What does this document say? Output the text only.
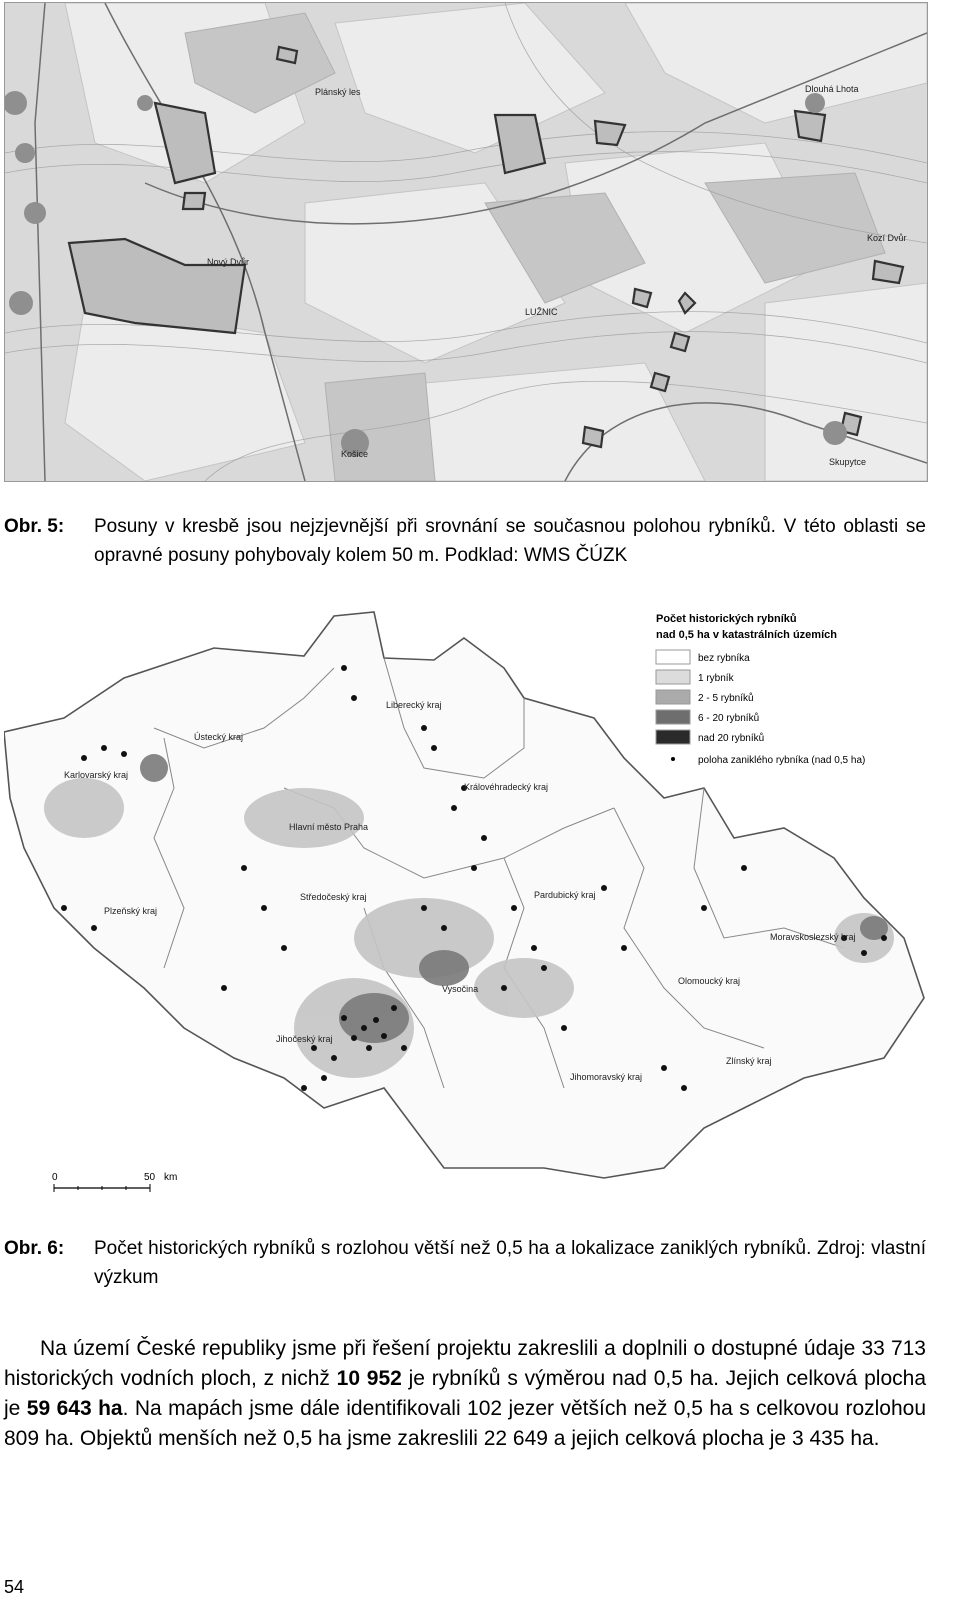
Dlouhá Lhota
Košice
Skupytce
LUŽNIC
Nový Dvůr
Kozí Dvůr
Plánský les
Obr. 5:	Posuny v kresbě jsou nejzjevnější při srovnání se současnou polohou rybníků. V této oblasti se opravné posuny pohybovaly kolem 50 m. Podklad: WMS ČÚZK
Ústecký kraj
Liberecký kraj
Karlovarský kraj
Královéhradecký kraj
Hlavní město Praha
Plzeňský kraj
Středočeský kraj	Pardubický kraj
Moravskoslezský kraj
Olomoucký kraj
Vysočina
Jihočeský kraj
Zlínský kraj
Jihomoravský kraj
Počet historických rybníků
nad 0,5 ha v katastrálních územích
bez rybníka
1 rybník
2 - 5 rybníků
6 - 20 rybníků
nad 20 rybníků
poloha zaniklého rybníka (nad 0,5 ha)
0	50 km
Obr. 6:	Počet historických rybníků s rozlohou větší než 0,5 ha a lokalizace zaniklých rybníků. Zdroj: vlastní výzkum

Na území České republiky jsme při řešení projektu zakreslili a doplnili o dostupné údaje 33 713 historických vodních ploch, z nichž 10 952 je rybníků s výměrou nad 0,5 ha. Jejich celková plocha je 59 643 ha. Na mapách jsme dále identifikovali 102 jezer větších než 0,5 ha s celkovou rozlohou 809 ha. Objektů menších než 0,5 ha jsme zakreslili 22 649 a jejich celková plocha je 3 435 ha.

54
